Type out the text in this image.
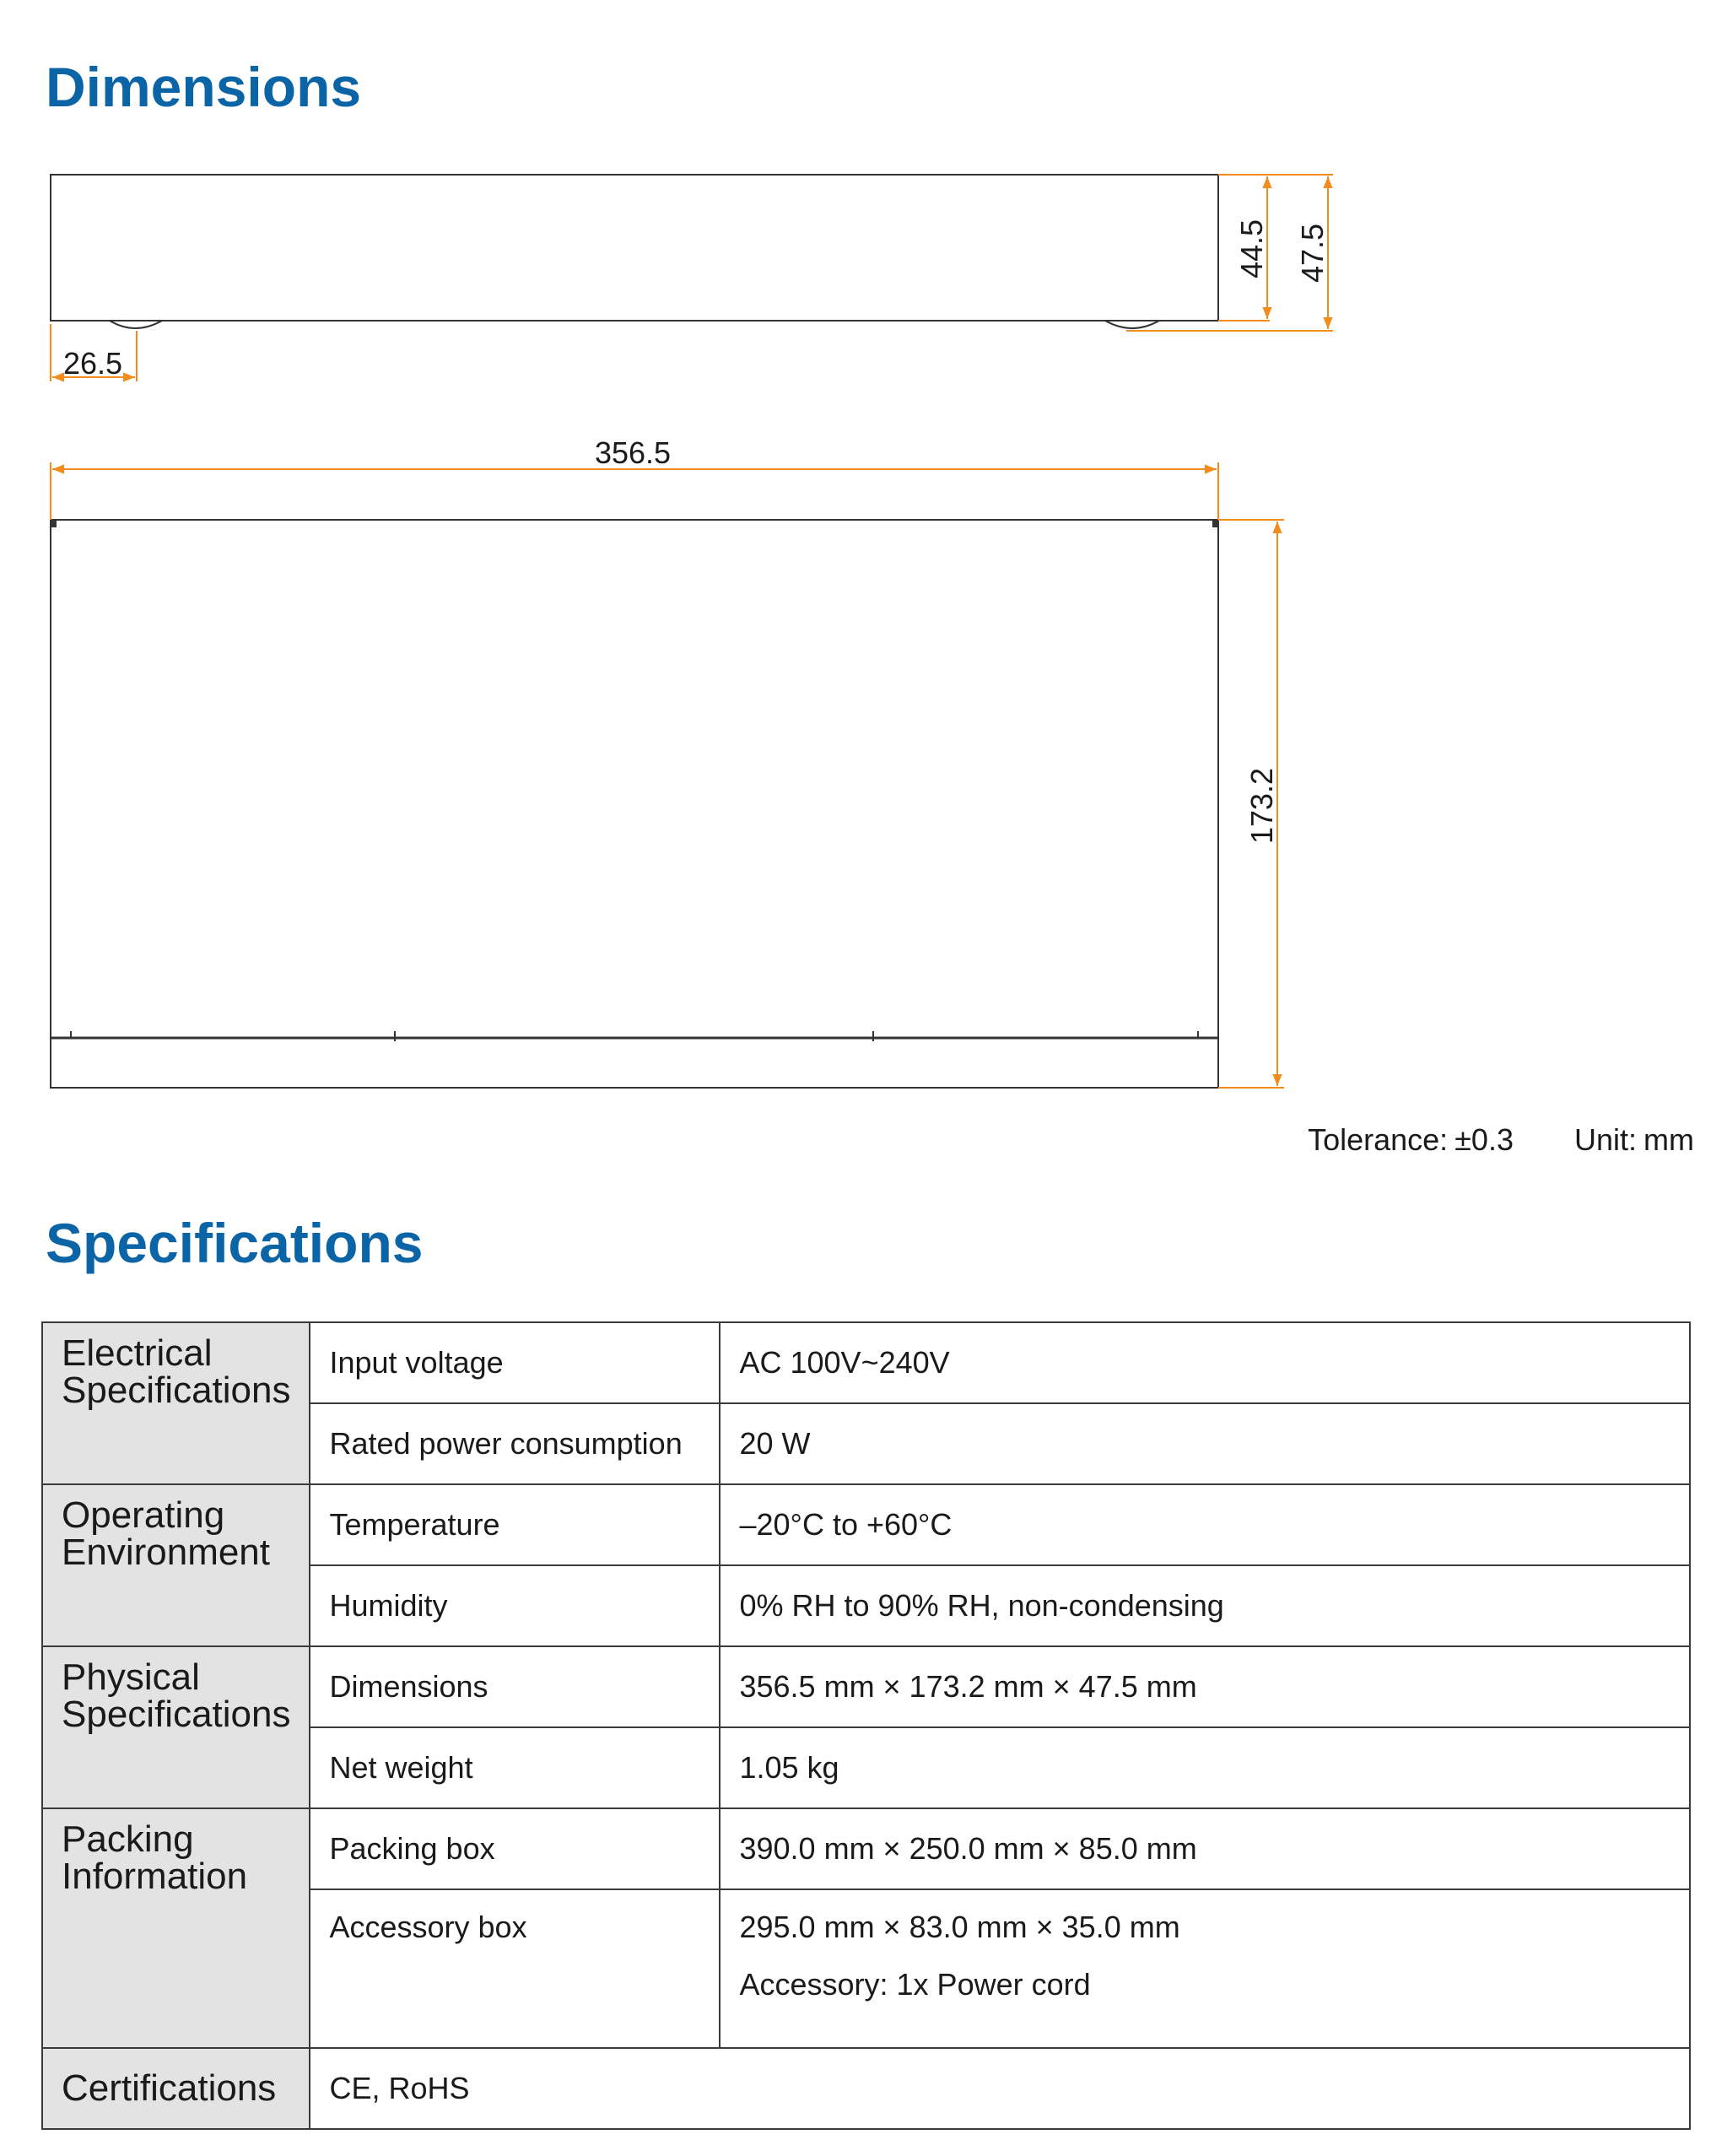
Dimensions
44.5 47.5
26.5
356.5
173.2
Tolerance: ±0.3 Unit: mm
Specifications
Electrical Specifications	Input voltage	AC 100V~240V
	Rated power consumption	20 W
Operating Environment	Temperature	–20°C to +60°C
	Humidity	0% RH to 90% RH, non-condensing
Physical Specifications	Dimensions	356.5 mm × 173.2 mm × 47.5 mm
	Net weight	1.05 kg
Packing Information	Packing box	390.0 mm × 250.0 mm × 85.0 mm
	Accessory box	295.0 mm × 83.0 mm × 35.0 mm
Accessory: 1x Power cord

Certifications	CE, RoHS	
